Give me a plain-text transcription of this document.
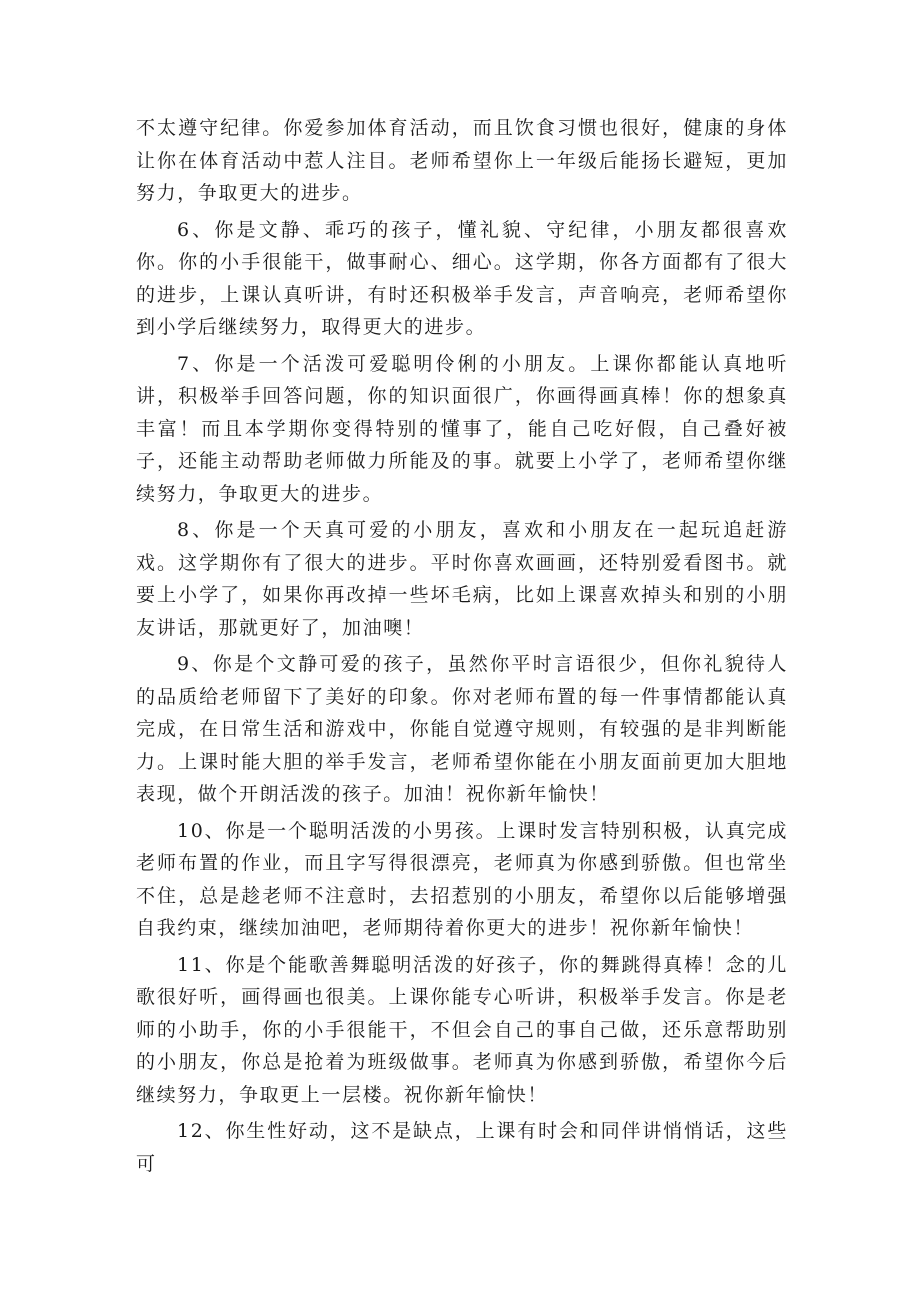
不太遵守纪律。你爱参加体育活动，而且饮食习惯也很好，健康的身体让你在体育活动中惹人注目。老师希望你上一年级后能扬长避短，更加努力，争取更大的进步。

6、你是文静、乖巧的孩子，懂礼貌、守纪律，小朋友都很喜欢你。你的小手很能干，做事耐心、细心。这学期，你各方面都有了很大的进步，上课认真听讲，有时还积极举手发言，声音响亮，老师希望你到小学后继续努力，取得更大的进步。

7、你是一个活泼可爱聪明伶俐的小朋友。上课你都能认真地听讲，积极举手回答问题，你的知识面很广，你画得画真棒！你的想象真丰富！而且本学期你变得特别的懂事了，能自己吃好假，自己叠好被子，还能主动帮助老师做力所能及的事。就要上小学了，老师希望你继续努力，争取更大的进步。

8、你是一个天真可爱的小朋友，喜欢和小朋友在一起玩追赶游戏。这学期你有了很大的进步。平时你喜欢画画，还特别爱看图书。就要上小学了，如果你再改掉一些坏毛病，比如上课喜欢掉头和别的小朋友讲话，那就更好了，加油噢！

9、你是个文静可爱的孩子，虽然你平时言语很少，但你礼貌待人的品质给老师留下了美好的印象。你对老师布置的每一件事情都能认真完成，在日常生活和游戏中，你能自觉遵守规则，有较强的是非判断能力。上课时能大胆的举手发言，老师希望你能在小朋友面前更加大胆地表现，做个开朗活泼的孩子。加油！祝你新年愉快！

10、你是一个聪明活泼的小男孩。上课时发言特别积极，认真完成老师布置的作业，而且字写得很漂亮，老师真为你感到骄傲。但也常坐不住，总是趁老师不注意时，去招惹别的小朋友，希望你以后能够增强自我约束，继续加油吧，老师期待着你更大的进步！祝你新年愉快！

11、你是个能歌善舞聪明活泼的好孩子，你的舞跳得真棒！念的儿歌很好听，画得画也很美。上课你能专心听讲，积极举手发言。你是老师的小助手，你的小手很能干，不但会自己的事自己做，还乐意帮助别的小朋友，你总是抢着为班级做事。老师真为你感到骄傲，希望你今后继续努力，争取更上一层楼。祝你新年愉快！

12、你生性好动，这不是缺点，上课有时会和同伴讲悄悄话，这些可
